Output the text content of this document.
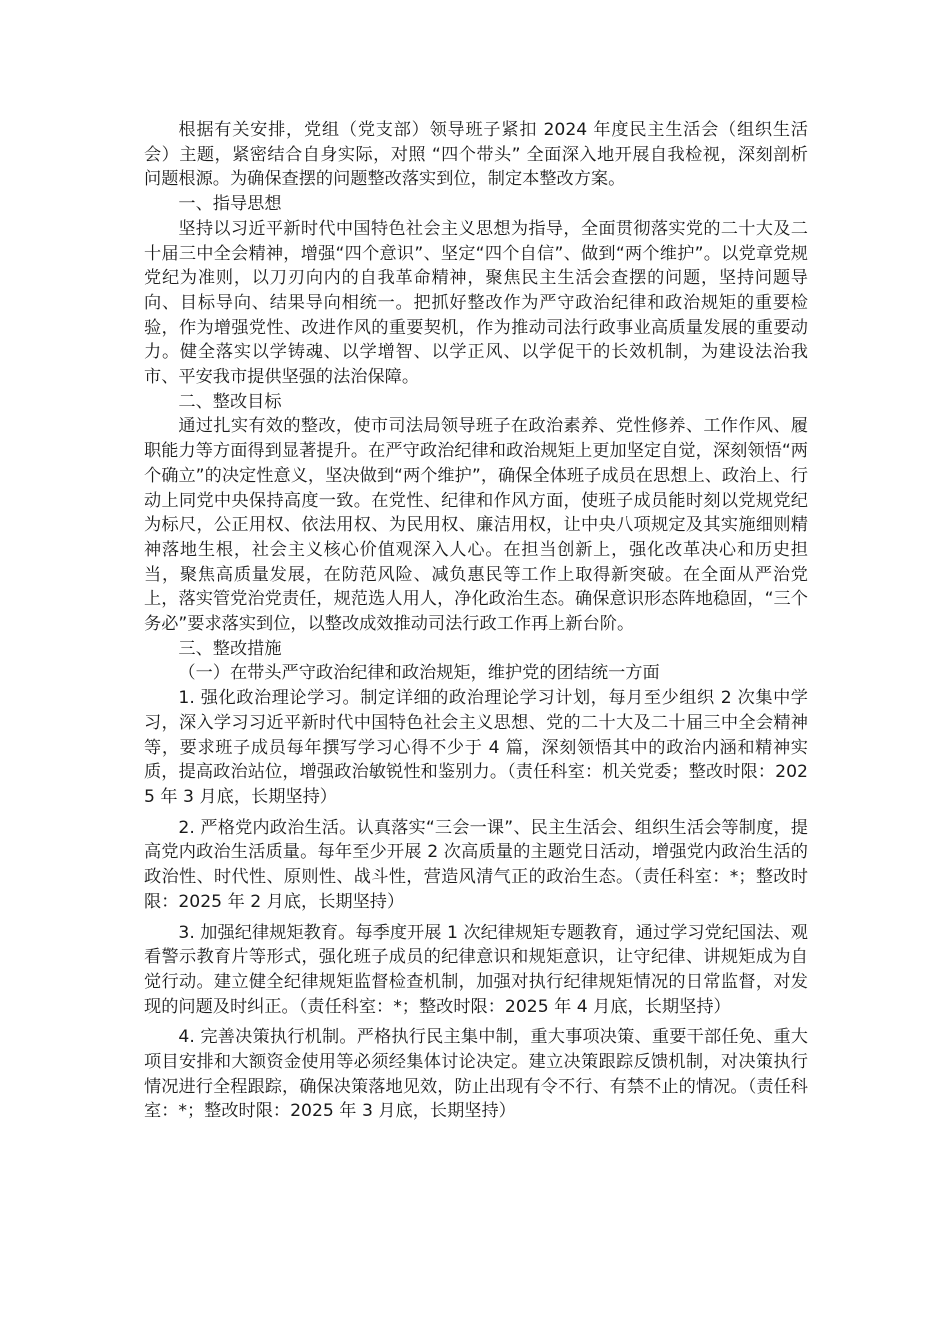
根据有关安排，党组（党支部）领导班子紧扣 2024 年度民主生活会（组织生活会）主题，紧密结合自身实际，对照 “四个带头” 全面深入地开展自我检视，深刻剖析问题根源。为确保查摆的问题整改落实到位，制定本整改方案。

一、指导思想

坚持以习近平新时代中国特色社会主义思想为指导，全面贯彻落实党的二十大及二十届三中全会精神，增强“四个意识”、坚定“四个自信”、做到“两个维护”。以党章党规党纪为准则，以刀刃向内的自我革命精神，聚焦民主生活会查摆的问题，坚持问题导向、目标导向、结果导向相统一。把抓好整改作为严守政治纪律和政治规矩的重要检验，作为增强党性、改进作风的重要契机，作为推动司法行政事业高质量发展的重要动力。健全落实以学铸魂、以学增智、以学正风、以学促干的长效机制，为建设法治我市、平安我市提供坚强的法治保障。

二、整改目标

通过扎实有效的整改，使市司法局领导班子在政治素养、党性修养、工作作风、履职能力等方面得到显著提升。在严守政治纪律和政治规矩上更加坚定自觉，深刻领悟“两个确立”的决定性意义，坚决做到“两个维护”，确保全体班子成员在思想上、政治上、行动上同党中央保持高度一致。在党性、纪律和作风方面，使班子成员能时刻以党规党纪为标尺，公正用权、依法用权、为民用权、廉洁用权，让中央八项规定及其实施细则精神落地生根，社会主义核心价值观深入人心。在担当创新上，强化改革决心和历史担当，聚焦高质量发展，在防范风险、减负惠民等工作上取得新突破。在全面从严治党上，落实管党治党责任，规范选人用人，净化政治生态。确保意识形态阵地稳固，“三个务必”要求落实到位，以整改成效推动司法行政工作再上新台阶。

三、整改措施

（一）在带头严守政治纪律和政治规矩，维护党的团结统一方面

1. 强化政治理论学习。制定详细的政治理论学习计划，每月至少组织 2 次集中学习，深入学习习近平新时代中国特色社会主义思想、党的二十大及二十届三中全会精神等，要求班子成员每年撰写学习心得不少于 4 篇，深刻领悟其中的政治内涵和精神实质，提高政治站位，增强政治敏锐性和鉴别力。（责任科室：机关党委；整改时限：2025 年 3 月底，长期坚持）

2. 严格党内政治生活。认真落实“三会一课”、民主生活会、组织生活会等制度，提高党内政治生活质量。每年至少开展 2 次高质量的主题党日活动，增强党内政治生活的政治性、时代性、原则性、战斗性，营造风清气正的政治生态。（责任科室：*；整改时限：2025 年 2 月底，长期坚持）

3. 加强纪律规矩教育。每季度开展 1 次纪律规矩专题教育，通过学习党纪国法、观看警示教育片等形式，强化班子成员的纪律意识和规矩意识，让守纪律、讲规矩成为自觉行动。建立健全纪律规矩监督检查机制，加强对执行纪律规矩情况的日常监督，对发现的问题及时纠正。（责任科室：*；整改时限：2025 年 4 月底，长期坚持）

4. 完善决策执行机制。严格执行民主集中制，重大事项决策、重要干部任免、重大项目安排和大额资金使用等必须经集体讨论决定。建立决策跟踪反馈机制，对决策执行情况进行全程跟踪，确保决策落地见效，防止出现有令不行、有禁不止的情况。（责任科室：*；整改时限：2025 年 3 月底，长期坚持）
